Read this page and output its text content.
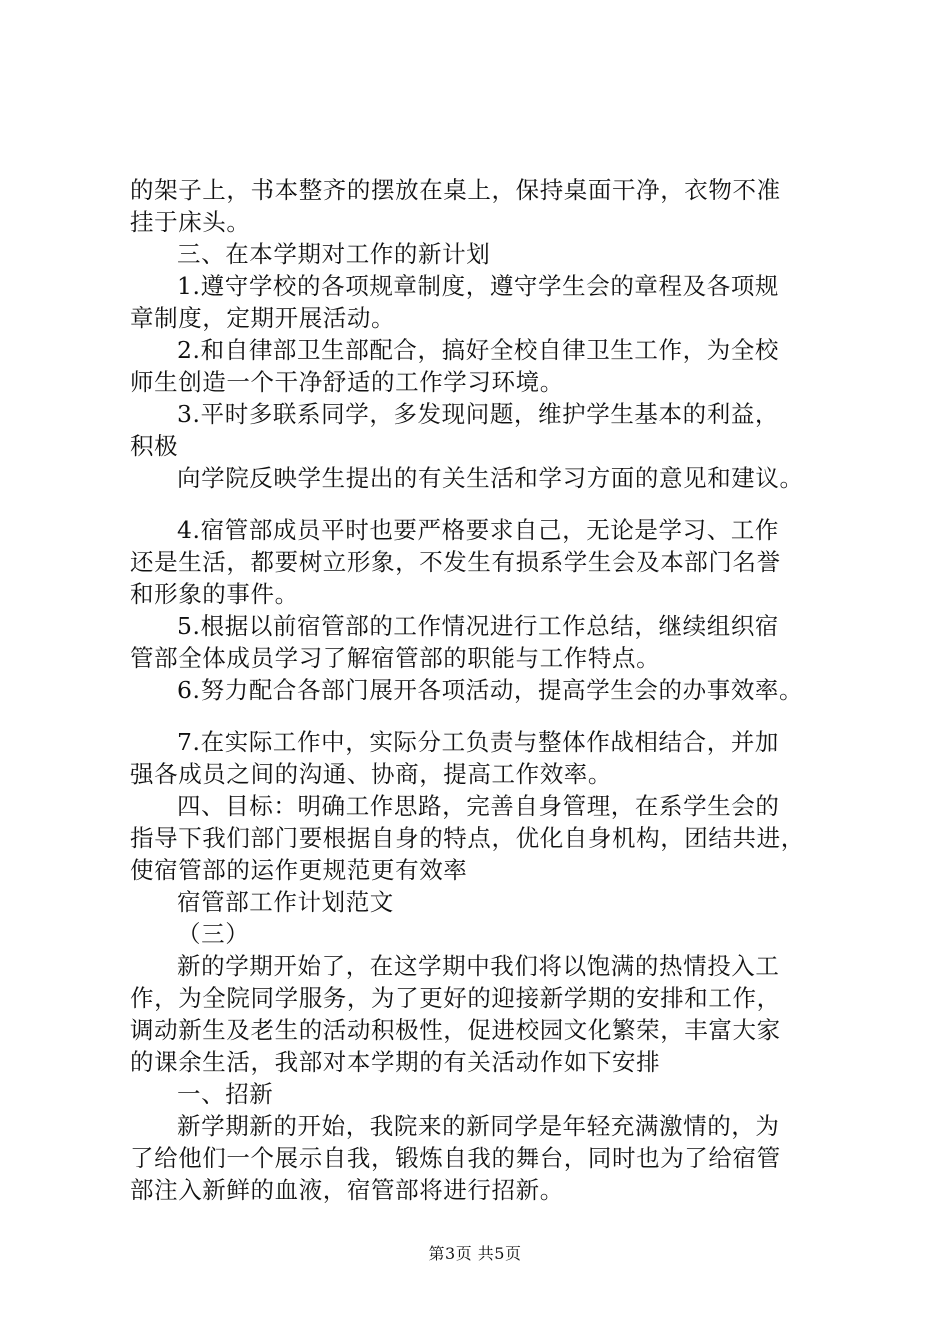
的架子上，书本整齐的摆放在桌上，保持桌面干净，衣物不准

挂于床头。

三、在本学期对工作的新计划

1.遵守学校的各项规章制度，遵守学生会的章程及各项规

章制度，定期开展活动。

2.和自律部卫生部配合，搞好全校自律卫生工作，为全校

师生创造一个干净舒适的工作学习环境。

3.平时多联系同学，多发现问题，维护学生基本的利益，

积极

向学院反映学生提出的有关生活和学习方面的意见和建议。

4.宿管部成员平时也要严格要求自己，无论是学习、工作

还是生活，都要树立形象，不发生有损系学生会及本部门名誉

和形象的事件。

5.根据以前宿管部的工作情况进行工作总结，继续组织宿

管部全体成员学习了解宿管部的职能与工作特点。

6.努力配合各部门展开各项活动，提高学生会的办事效率。

7.在实际工作中，实际分工负责与整体作战相结合，并加

强各成员之间的沟通、协商，提高工作效率。

四、目标：明确工作思路，完善自身管理，在系学生会的

指导下我们部门要根据自身的特点，优化自身机构，团结共进，

使宿管部的运作更规范更有效率

宿管部工作计划范文

（三）

新的学期开始了，在这学期中我们将以饱满的热情投入工

作，为全院同学服务，为了更好的迎接新学期的安排和工作，

调动新生及老生的活动积极性，促进校园文化繁荣，丰富大家

的课余生活，我部对本学期的有关活动作如下安排

一、招新

新学期新的开始，我院来的新同学是年轻充满激情的，为

了给他们一个展示自我，锻炼自我的舞台，同时也为了给宿管

部注入新鲜的血液，宿管部将进行招新。

第3页 共5页
